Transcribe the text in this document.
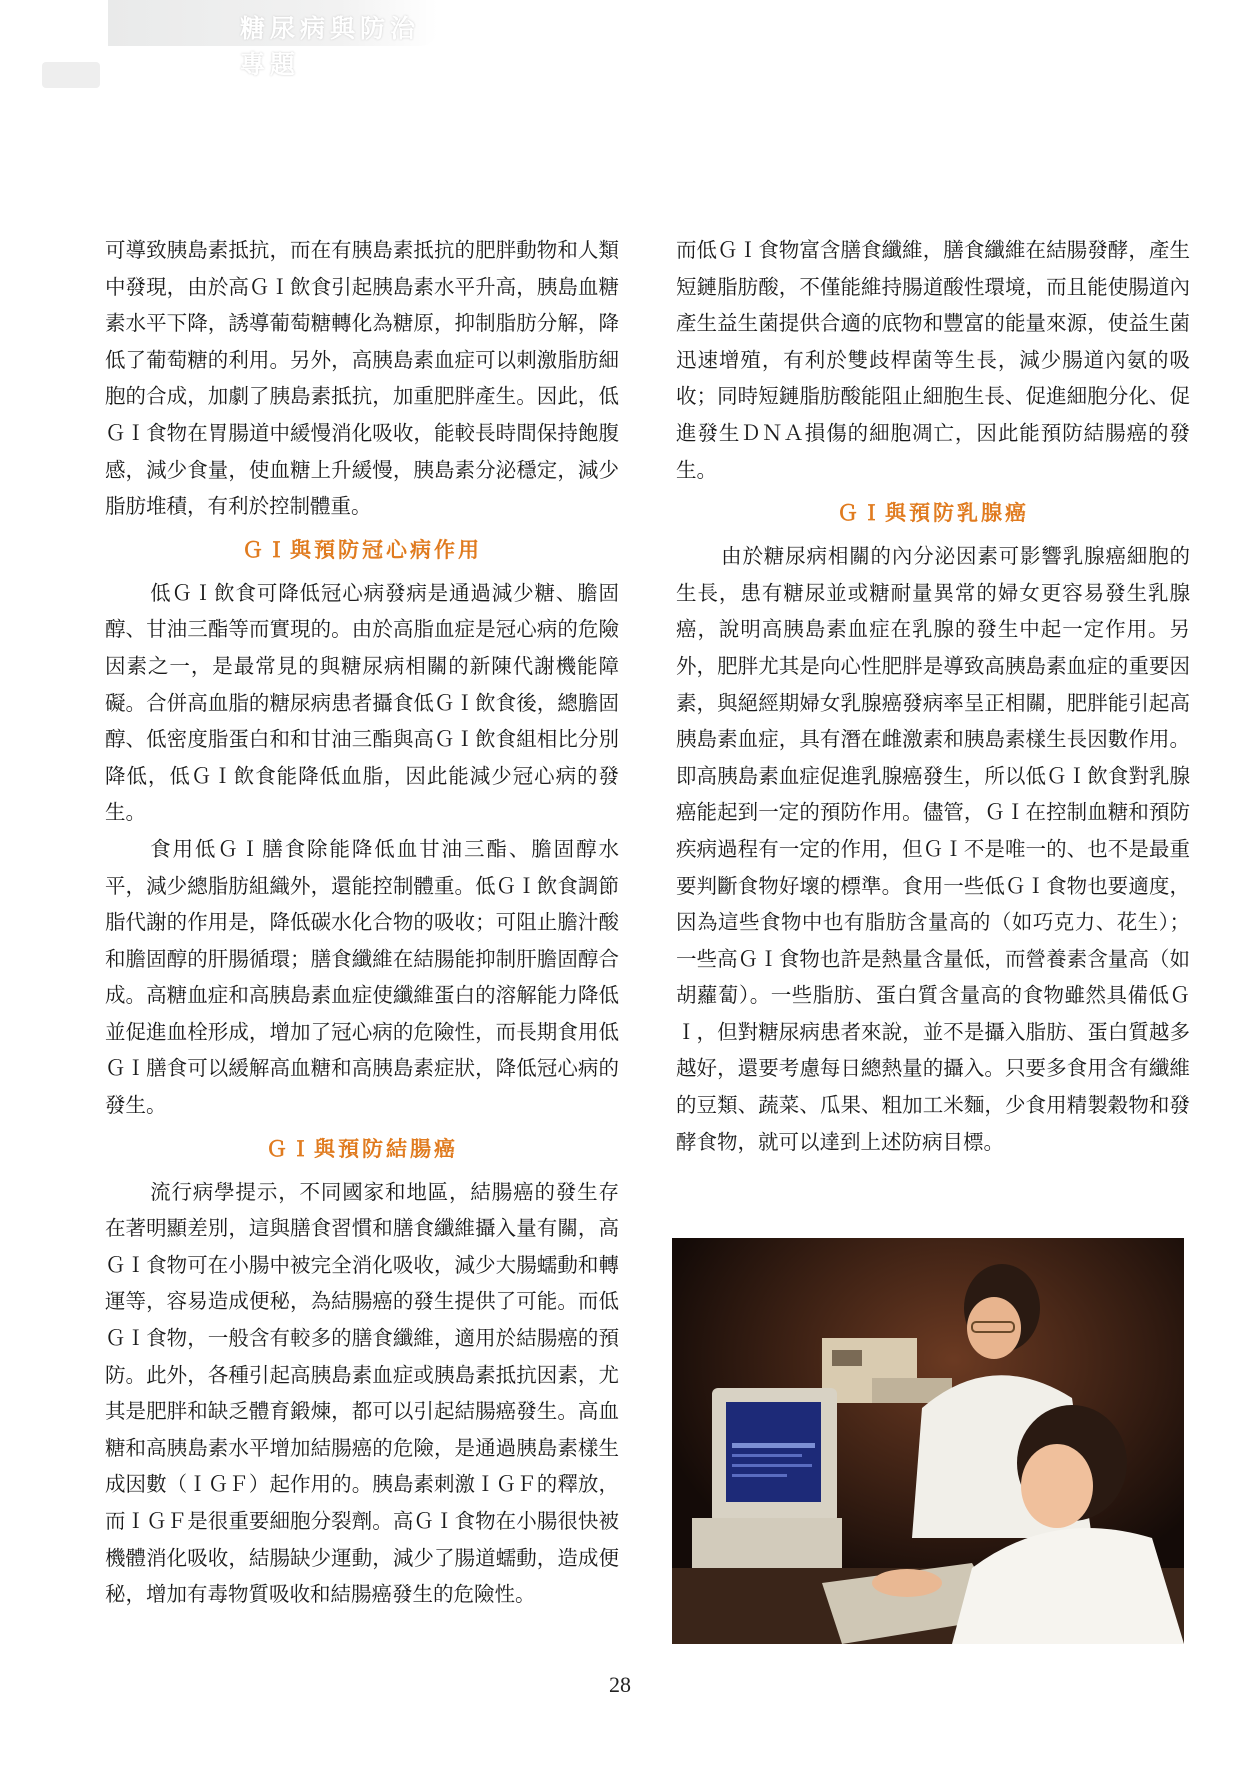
糖尿病與防治專題

可導致胰島素抵抗，而在有胰島素抵抗的肥胖動物和人類中發現，由於高ＧＩ飲食引起胰島素水平升高，胰島血糖素水平下降，誘導葡萄糖轉化為糖原，抑制脂肪分解，降低了葡萄糖的利用。另外，高胰島素血症可以刺激脂肪細胞的合成，加劇了胰島素抵抗，加重肥胖產生。因此，低ＧＩ食物在胃腸道中緩慢消化吸收，能較長時間保持飽腹感，減少食量，使血糖上升緩慢，胰島素分泌穩定，減少脂肪堆積，有利於控制體重。

ＧＩ與預防冠心病作用

低ＧＩ飲食可降低冠心病發病是通過減少糖、膽固醇、甘油三酯等而實現的。由於高脂血症是冠心病的危險因素之一，是最常見的與糖尿病相關的新陳代謝機能障礙。合併高血脂的糖尿病患者攝食低ＧＩ飲食後，總膽固醇、低密度脂蛋白和和甘油三酯與高ＧＩ飲食組相比分別降低，低ＧＩ飲食能降低血脂，因此能減少冠心病的發生。

食用低ＧＩ膳食除能降低血甘油三酯、膽固醇水平，減少總脂肪組織外，還能控制體重。低ＧＩ飲食調節脂代謝的作用是，降低碳水化合物的吸收；可阻止膽汁酸和膽固醇的肝腸循環；膳食纖維在結腸能抑制肝膽固醇合成。高糖血症和高胰島素血症使纖維蛋白的溶解能力降低並促進血栓形成，增加了冠心病的危險性，而長期食用低ＧＩ膳食可以緩解高血糖和高胰島素症狀，降低冠心病的發生。

ＧＩ與預防結腸癌

流行病學提示，不同國家和地區，結腸癌的發生存在著明顯差別，這與膳食習慣和膳食纖維攝入量有關，高ＧＩ食物可在小腸中被完全消化吸收，減少大腸蠕動和轉運等，容易造成便秘，為結腸癌的發生提供了可能。而低ＧＩ食物，一般含有較多的膳食纖維，適用於結腸癌的預防。此外，各種引起高胰島素血症或胰島素抵抗因素，尤其是肥胖和缺乏體育鍛煉，都可以引起結腸癌發生。高血糖和高胰島素水平增加結腸癌的危險，是通過胰島素樣生成因數（ＩＧＦ）起作用的。胰島素刺激ＩＧＦ的釋放，而ＩＧＦ是很重要細胞分裂劑。高ＧＩ食物在小腸很快被機體消化吸收，結腸缺少運動，減少了腸道蠕動，造成便秘，增加有毒物質吸收和結腸癌發生的危險性。

而低ＧＩ食物富含膳食纖維，膳食纖維在結腸發酵，產生短鏈脂肪酸，不僅能維持腸道酸性環境，而且能使腸道內產生益生菌提供合適的底物和豐富的能量來源，使益生菌迅速增殖，有利於雙歧桿菌等生長，減少腸道內氨的吸收；同時短鏈脂肪酸能阻止細胞生長、促進細胞分化、促進發生ＤＮＡ損傷的細胞凋亡，因此能預防結腸癌的發生。

ＧＩ與預防乳腺癌

由於糖尿病相關的內分泌因素可影響乳腺癌細胞的生長，患有糖尿並或糖耐量異常的婦女更容易發生乳腺癌，說明高胰島素血症在乳腺的發生中起一定作用。另外，肥胖尤其是向心性肥胖是導致高胰島素血症的重要因素，與絕經期婦女乳腺癌發病率呈正相關，肥胖能引起高胰島素血症，具有潛在雌激素和胰島素樣生長因數作用。即高胰島素血症促進乳腺癌發生，所以低ＧＩ飲食對乳腺癌能起到一定的預防作用。儘管，ＧＩ在控制血糖和預防疾病過程有一定的作用，但ＧＩ不是唯一的、也不是最重要判斷食物好壞的標準。食用一些低ＧＩ食物也要適度，因為這些食物中也有脂肪含量高的（如巧克力、花生）；一些高ＧＩ食物也許是熱量含量低，而營養素含量高（如胡蘿蔔）。一些脂肪、蛋白質含量高的食物雖然具備低ＧＩ，但對糖尿病患者來說，並不是攝入脂肪、蛋白質越多越好，還要考慮每日總熱量的攝入。只要多食用含有纖維的豆類、蔬菜、瓜果、粗加工米麵，少食用精製穀物和發酵食物，就可以達到上述防病目標。

28
